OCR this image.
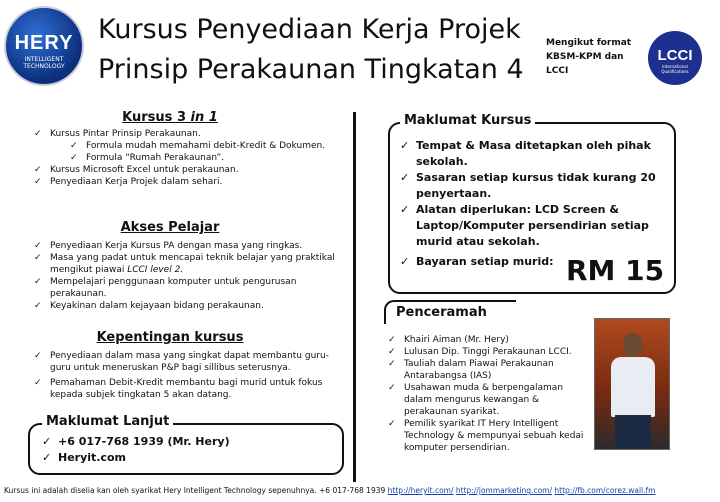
HERY
INTELLIGENT TECHNOLOGY
Kursus Penyediaan Kerja Projek
Prinsip Perakaunan Tingkatan 4
Mengikut format KBSM-KPM dan LCCI
LCCI
International Qualifications
Kursus 3 in 1
✓ Kursus Pintar Prinsip Perakaunan.
✓ Formula mudah memahami debit-Kredit & Dokumen.
✓ Formula “Rumah Perakaunan”.
✓ Kursus Microsoft Excel untuk perakaunan.
✓ Penyediaan Kerja Projek dalam sehari.
Akses Pelajar
✓ Penyediaan Kerja Kursus PA dengan masa yang ringkas.
✓ Masa yang padat untuk mencapai teknik belajar yang praktikal mengikut piawai LCCI level 2.
✓ Mempelajari penggunaan komputer untuk pengurusan perakaunan.
✓ Keyakinan dalam kejayaan bidang perakaunan.
Kepentingan kursus
✓ Penyediaan dalam masa yang singkat dapat membantu guru-guru untuk meneruskan P&P bagi sillibus seterusnya.
✓ Pemahaman Debit-Kredit membantu bagi murid untuk fokus kepada subjek tingkatan 5 akan datang.
Maklumat Lanjut
✓ +6 017-768 1939 (Mr. Hery)
✓ Heryit.com
Maklumat Kursus
✓ Tempat & Masa ditetapkan oleh pihak sekolah.
✓ Sasaran setiap kursus tidak kurang 20 penyertaan.
✓ Alatan diperlukan: LCD Screen & Laptop/Komputer persendirian setiap murid atau sekolah.
✓ Bayaran setiap murid: RM 15
Penceramah
✓ Khairi Aiman (Mr. Hery)
✓ Lulusan Dip. Tinggi Perakaunan LCCI.
✓ Tauliah dalam Piawai Perakaunan Antarabangsa (IAS)
✓ Usahawan muda & berpengalaman dalam mengurus kewangan & perakaunan syarikat.
✓ Pemilik syarikat IT Hery Intelligent Technology & mempunyai sebuah kedai komputer persendirian.
Kursus ini adalah diselia kan oleh syarikat Hery Intelligent Technology sepenuhnya. +6 017-768 1939 http://heryit.com/ http://jommarketing.com/ http://fb.com/corez.wall.fm
